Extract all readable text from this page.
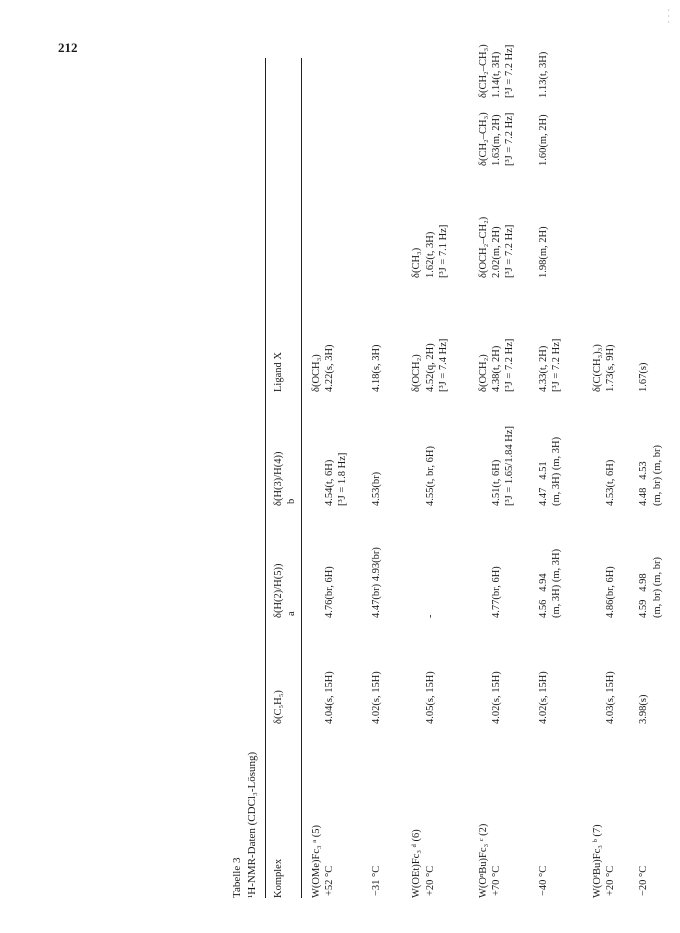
212
·
·
·
Tabelle 3 ¹H-NMR-Daten (CDCl₃-Lösung) Komplex
δ(C₅H₅)
δ(H(2)/H(5)) a
δ(H(3)/H(4)) b
Ligand X
W(OMe)Fc₃ ᵃ (5)
δ(OCH₃)
+52 °C
4.04(s, 15H)
4.76(br, 6H)
4.54(t, 6H)
[³J = 1.8 Hz]
4.22(s, 3H)
−31 °C
4.02(s, 15H)
4.47(br) 4.93(br)
4.53(br)
4.18(s, 3H)
W(OEt)Fc₃ ᵈ (6)
δ(OCH₂)
δ(CH₃)
+20 °C
4.05(s, 15H)
-
4.55(t, br, 6H)
4.52(q, 2H)
[³J = 7.4 Hz]
1.62(t, 3H)
[³J = 7.1 Hz]
W(OⁿBu)Fc₃ ᶜ (2)
δ(OCH₂)
δ(OCH₂–CH₂)
δ(CH₂–CH₃)
δ(CH₂–CH₃)
+70 °C
4.02(s, 15H)
4.77(br, 6H)
4.51(t, 6H)
[³J = 1.65/1.84 Hz]
4.38(t, 2H)
[³J = 7.2 Hz]
2.02(m, 2H)
[³J = 7.2 Hz]
1.63(m, 2H)
[³J = 7.2 Hz]
1.14(t, 3H)
[³J = 7.2 Hz]
−40 °C
4.02(s, 15H)
4.56   4.94
(m, 3H) (m, 3H)
4.47   4.51
(m, 3H) (m, 3H)
4.33(t, 2H)
[³J = 7.2 Hz]
1.98(m, 2H)
1.60(m, 2H)
1.13(t, 3H)
W(OᵗBu)Fc₃ ᵇ (7)
δ(C(CH₃)₃)
+20 °C
4.03(s, 15H)
4.86(br, 6H)
4.53(t, 6H)
1.73(s, 9H)
−20 °C
3.98(s)
4.59   4.98
(m, br) (m, br)
4.48   4.53
(m, br) (m, br)
1.67(s)
